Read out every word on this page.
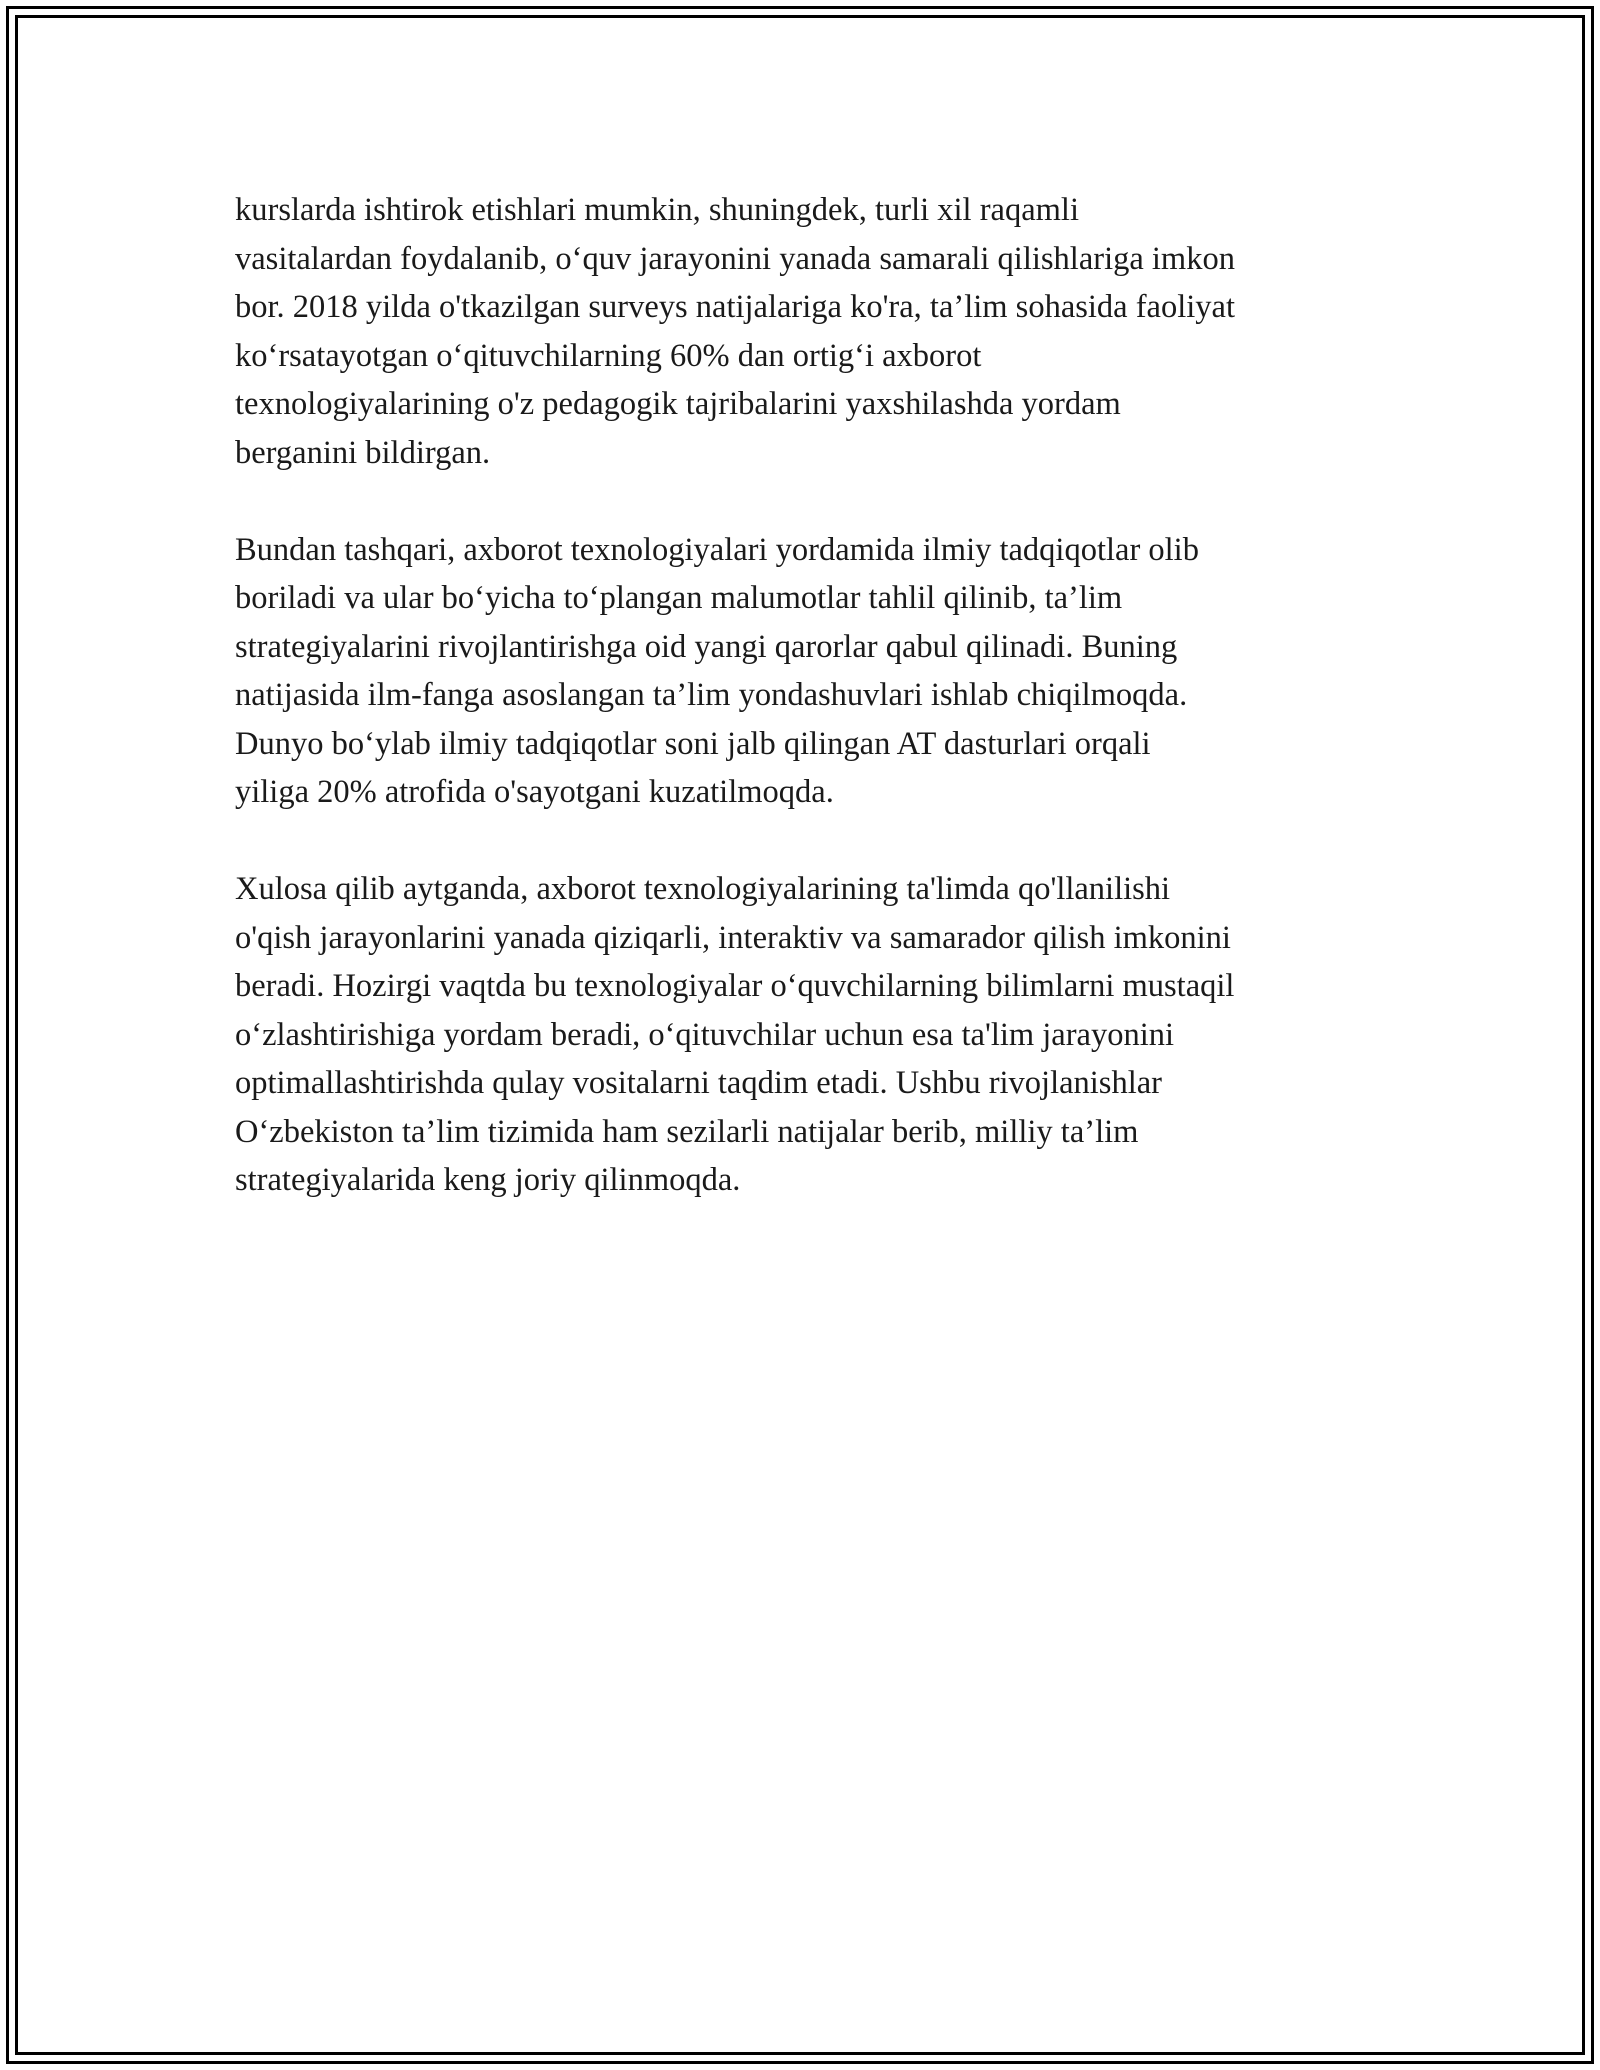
kurslarda ishtirok etishlari mumkin, shuningdek, turli xil raqamli
vasitalardan foydalanib, o‘quv jarayonini yanada samarali qilishlariga imkon
bor. 2018 yilda o'tkazilgan surveys natijalariga ko'ra, ta’lim sohasida faoliyat
ko‘rsatayotgan o‘qituvchilarning 60% dan ortig‘i axborot
texnologiyalarining o'z pedagogik tajribalarini yaxshilashda yordam
berganini bildirgan.

Bundan tashqari, axborot texnologiyalari yordamida ilmiy tadqiqotlar olib
boriladi va ular bo‘yicha to‘plangan malumotlar tahlil qilinib, ta’lim
strategiyalarini rivojlantirishga oid yangi qarorlar qabul qilinadi. Buning
natijasida ilm-fanga asoslangan ta’lim yondashuvlari ishlab chiqilmoqda.
Dunyo bo‘ylab ilmiy tadqiqotlar soni jalb qilingan AT dasturlari orqali
yiliga 20% atrofida o'sayotgani kuzatilmoqda.

Xulosa qilib aytganda, axborot texnologiyalarining ta'limda qo'llanilishi
o'qish jarayonlarini yanada qiziqarli, interaktiv va samarador qilish imkonini
beradi. Hozirgi vaqtda bu texnologiyalar o‘quvchilarning bilimlarni mustaqil
o‘zlashtirishiga yordam beradi, o‘qituvchilar uchun esa ta'lim jarayonini
optimallashtirishda qulay vositalarni taqdim etadi. Ushbu rivojlanishlar
O‘zbekiston ta’lim tizimida ham sezilarli natijalar berib, milliy ta’lim
strategiyalarida keng joriy qilinmoqda.
